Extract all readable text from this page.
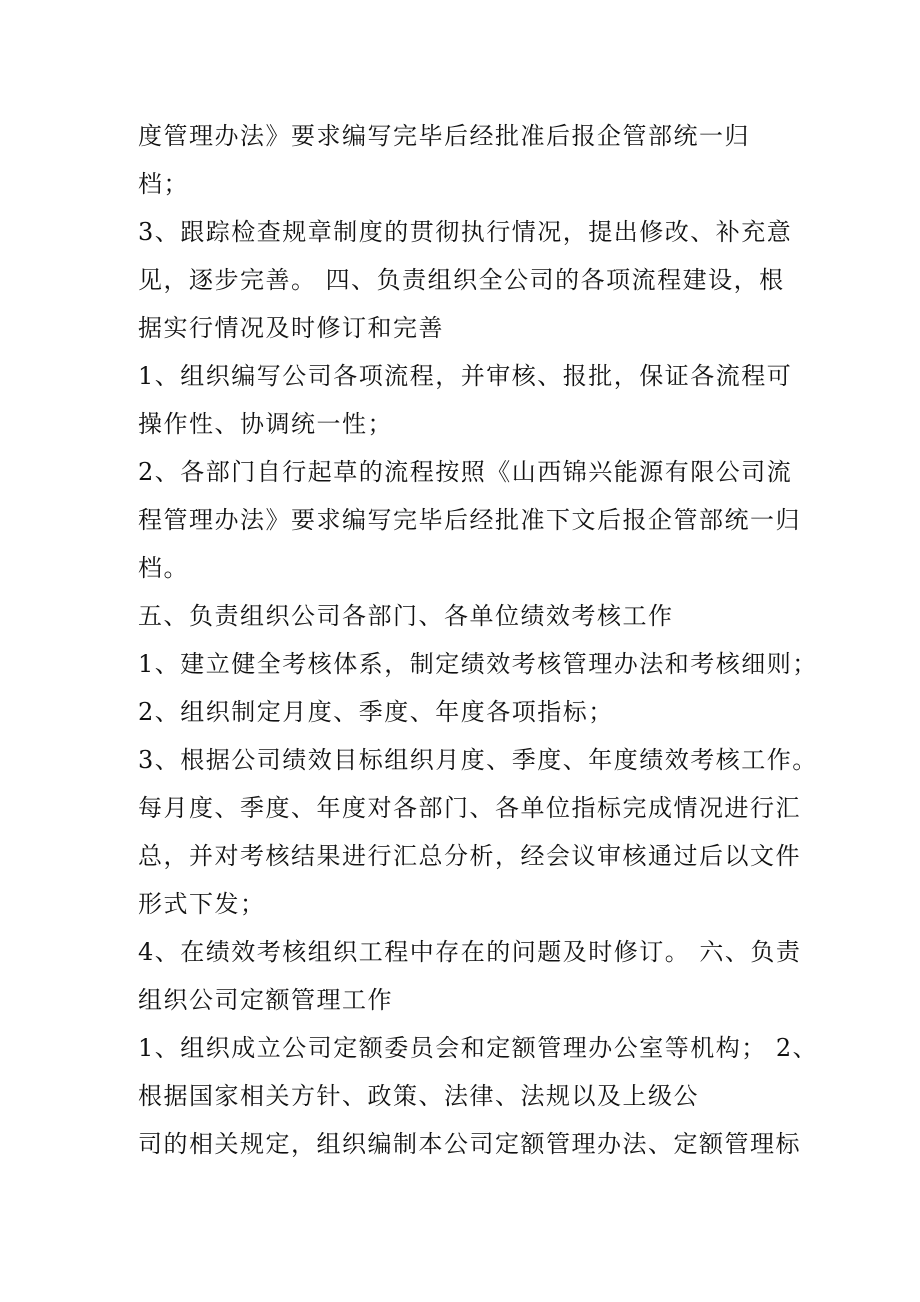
度管理办法》要求编写完毕后经批准后报企管部统一归
档；
3、跟踪检查规章制度的贯彻执行情况，提出修改、补充意
见，逐步完善。 四、负责组织全公司的各项流程建设，根
据实行情况及时修订和完善
1、组织编写公司各项流程，并审核、报批，保证各流程可
操作性、协调统一性；
2、各部门自行起草的流程按照《山西锦兴能源有限公司流
程管理办法》要求编写完毕后经批准下文后报企管部统一归
档。
五、负责组织公司各部门、各单位绩效考核工作
1、建立健全考核体系，制定绩效考核管理办法和考核细则；
2、组织制定月度、季度、年度各项指标；
3、根据公司绩效目标组织月度、季度、年度绩效考核工作。
每月度、季度、年度对各部门、各单位指标完成情况进行汇
总，并对考核结果进行汇总分析，经会议审核通过后以文件
形式下发；
4、在绩效考核组织工程中存在的问题及时修订。 六、负责
组织公司定额管理工作
1、组织成立公司定额委员会和定额管理办公室等机构； 2、
根据国家相关方针、政策、法律、法规以及上级公
司的相关规定，组织编制本公司定额管理办法、定额管理标
